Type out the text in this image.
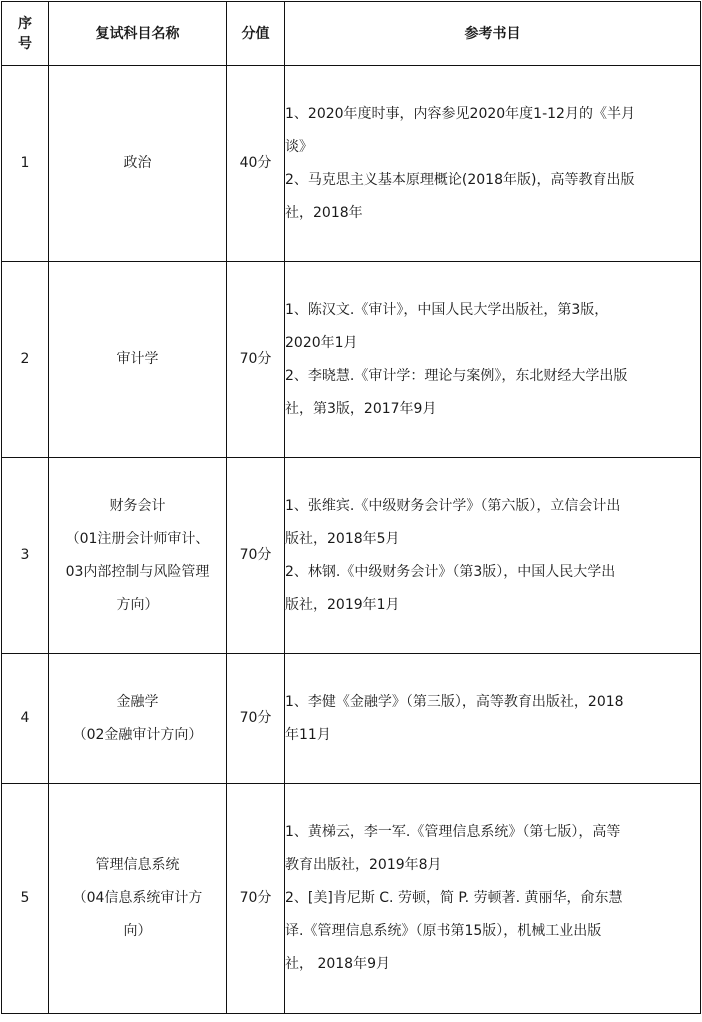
序号	复试科目名称	分值	参考书目
1	政治	40分	1、2020年度时事，内容参见2020年度1-12月的《半月
谈》
2、马克思主义基本原理概论(2018年版)，高等教育出版
社，2018年

2	审计学	70分	1、陈汉文.《审计》，中国人民大学出版社，第3版，
2020年1月
2、李晓慧.《审计学：理论与案例》，东北财经大学出版
社，第3版，2017年9月

3	财务会计
（01注册会计师审计、
03内部控制与风险管理
方向）	70分	1、张维宾.《中级财务会计学》（第六版），立信会计出
版社，2018年5月
2、林钢.《中级财务会计》（第3版），中国人民大学出
版社，2019年1月

4	金融学
（02金融审计方向）	70分	1、李健《金融学》（第三版），高等教育出版社，2018
年11月

5	管理信息系统
（04信息系统审计方
向）	70分	1、黄梯云，李一军.《管理信息系统》（第七版），高等
教育出版社，2019年8月
2、[美]肯尼斯 C. 劳顿，简 P. 劳顿著. 黄丽华，俞东慧
译.《管理信息系统》（原书第15版），机械工业出版
社， 2018年9月
